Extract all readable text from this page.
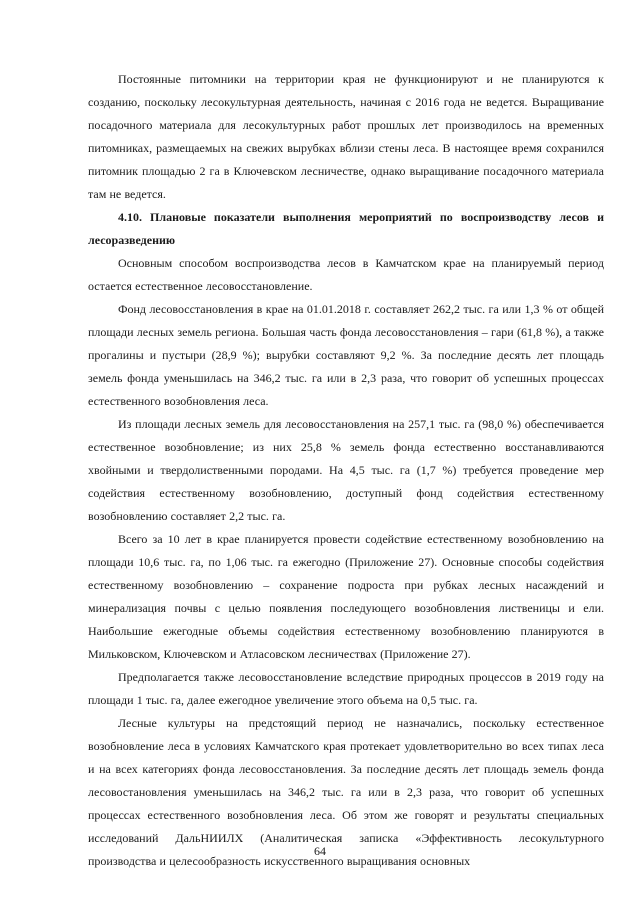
Постоянные питомники на территории края не функционируют и не планируются к созданию, поскольку лесокультурная деятельность, начиная с 2016 года не ведется. Выращивание посадочного материала для лесокультурных работ прошлых лет производилось на временных питомниках, размещаемых на свежих вырубках вблизи стены леса. В настоящее время сохранился питомник площадью 2 га в Ключевском лесничестве, однако выращивание посадочного материала там не ведется.

4.10. Плановые показатели выполнения мероприятий по воспроизводству лесов и лесоразведению

Основным способом воспроизводства лесов в Камчатском крае на планируемый период остается естественное лесовосстановление.

Фонд лесовосстановления в крае на 01.01.2018 г. составляет 262,2 тыс. га или 1,3 % от общей площади лесных земель региона. Большая часть фонда лесовосстановления – гари (61,8 %), а также прогалины и пустыри (28,9 %); вырубки составляют 9,2 %. За последние десять лет площадь земель фонда уменьшилась на 346,2 тыс. га или в 2,3 раза, что говорит об успешных процессах естественного возобновления леса.

Из площади лесных земель для лесовосстановления на 257,1 тыс. га (98,0 %) обеспечивается естественное возобновление; из них 25,8 % земель фонда естественно восстанавливаются хвойными и твердолиственными породами. На 4,5 тыс. га (1,7 %) требуется проведение мер содействия естественному возобновлению, доступный фонд содействия естественному возобновлению составляет 2,2 тыс. га.

Всего за 10 лет в крае планируется провести содействие естественному возобновлению на площади 10,6 тыс. га, по 1,06 тыс. га ежегодно (Приложение 27). Основные способы содействия естественному возобновлению – сохранение подроста при рубках лесных насаждений и минерализация почвы с целью появления последующего возобновления лиственицы и ели. Наибольшие ежегодные объемы содействия естественному возобновлению планируются в Мильковском, Ключевском и Атласовском лесничествах (Приложение 27).

Предполагается также лесовосстановление вследствие природных процессов в 2019 году на площади 1 тыс. га, далее ежегодное увеличение этого объема на 0,5 тыс. га.

Лесные культуры на предстоящий период не назначались, поскольку естественное возобновление леса в условиях Камчатского края протекает удовлетворительно во всех типах леса и на всех категориях фонда лесовосстановления. За последние десять лет площадь земель фонда лесовостановления уменьшилась на 346,2 тыс. га или в 2,3 раза, что говорит об успешных процессах естественного возобновления леса. Об этом же говорят и результаты специальных исследований ДальНИИЛХ (Аналитическая записка «Эффективность лесокультурного производства и целесообразность искусственного выращивания основных

64
